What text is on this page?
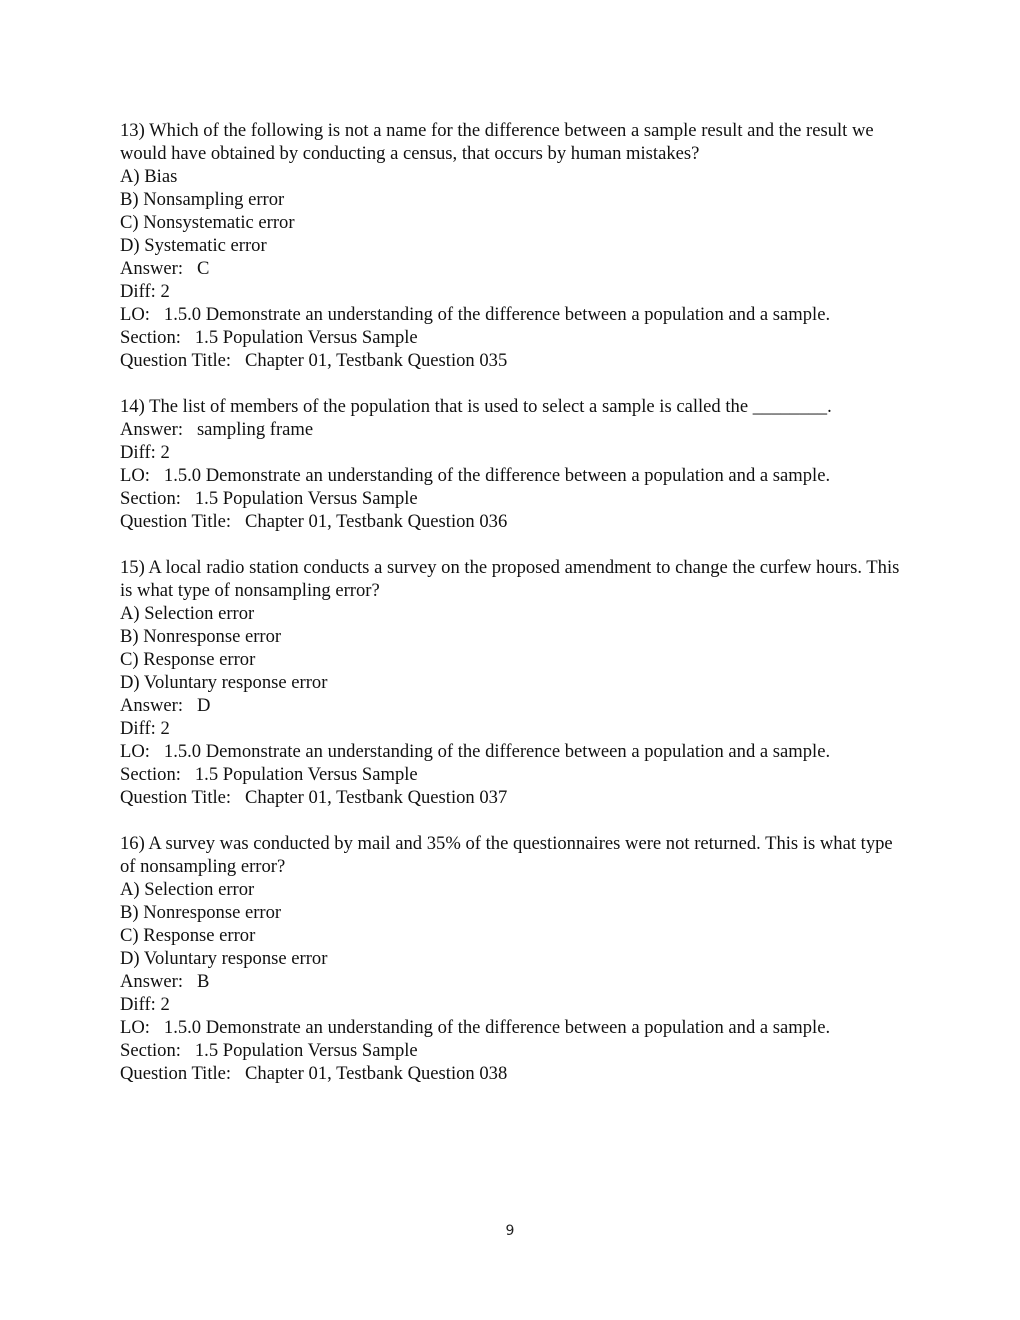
13) Which of the following is not a name for the difference between a sample result and the result we would have obtained by conducting a census, that occurs by human mistakes?
A) Bias
B) Nonsampling error
C) Nonsystematic error
D) Systematic error
Answer:   C
Diff: 2
LO:   1.5.0 Demonstrate an understanding of the difference between a population and a sample.
Section:   1.5 Population Versus Sample
Question Title:   Chapter 01, Testbank Question 035
14) The list of members of the population that is used to select a sample is called the ________.
Answer:   sampling frame
Diff: 2
LO:   1.5.0 Demonstrate an understanding of the difference between a population and a sample.
Section:   1.5 Population Versus Sample
Question Title:   Chapter 01, Testbank Question 036
15) A local radio station conducts a survey on the proposed amendment to change the curfew hours. This is what type of nonsampling error?
A) Selection error
B) Nonresponse error
C) Response error
D) Voluntary response error
Answer:   D
Diff: 2
LO:   1.5.0 Demonstrate an understanding of the difference between a population and a sample.
Section:   1.5 Population Versus Sample
Question Title:   Chapter 01, Testbank Question 037
16) A survey was conducted by mail and 35% of the questionnaires were not returned. This is what type of nonsampling error?
A) Selection error
B) Nonresponse error
C) Response error
D) Voluntary response error
Answer:   B
Diff: 2
LO:   1.5.0 Demonstrate an understanding of the difference between a population and a sample.
Section:   1.5 Population Versus Sample
Question Title:   Chapter 01, Testbank Question 038
9
